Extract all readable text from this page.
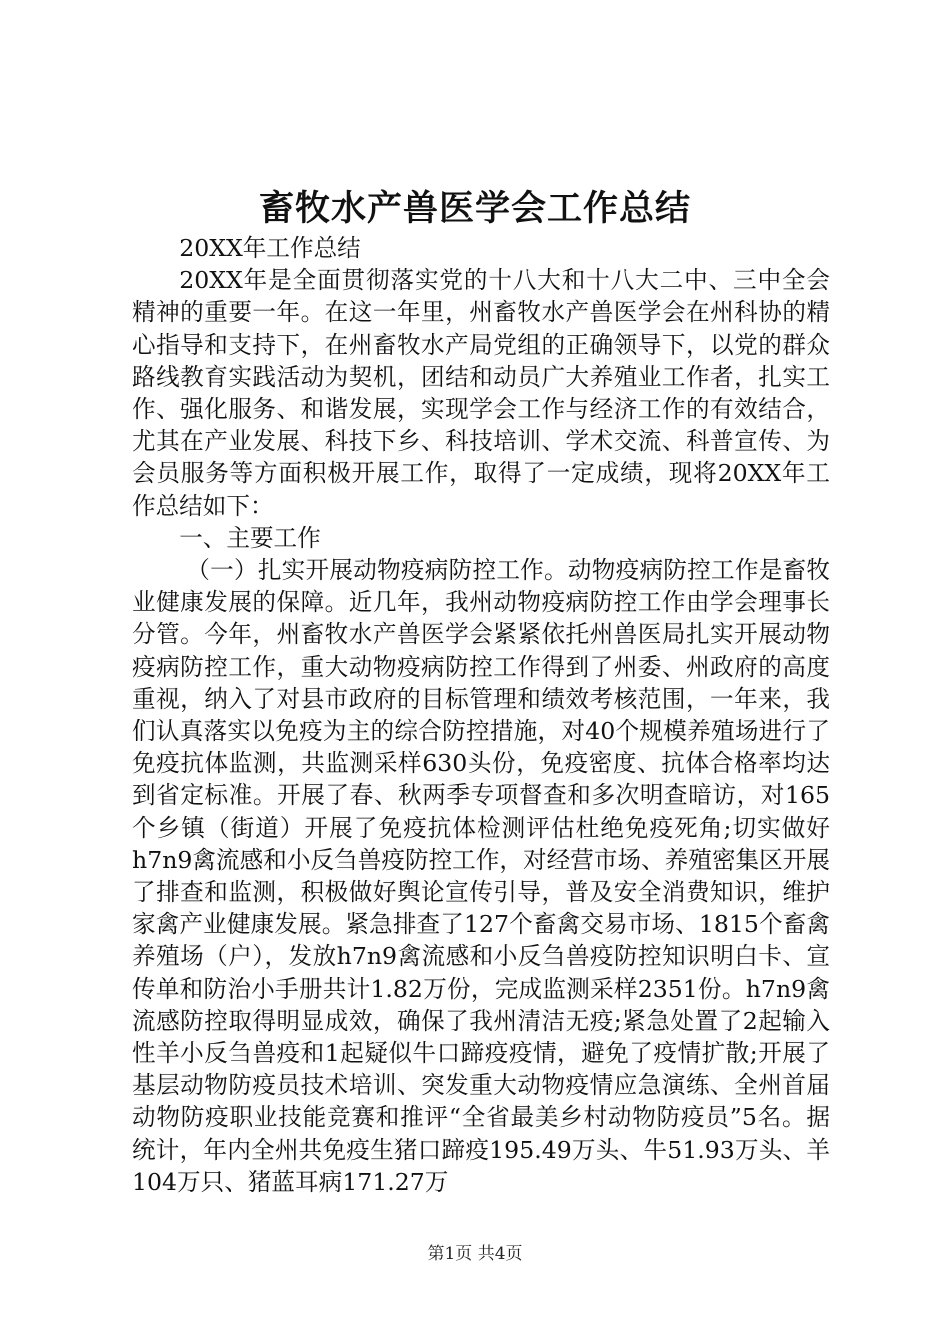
畜牧水产兽医学会工作总结

20XX年工作总结

20XX年是全面贯彻落实党的十八大和十八大二中、三中全会精神的重要一年。在这一年里，州畜牧水产兽医学会在州科协的精心指导和支持下，在州畜牧水产局党组的正确领导下，以党的群众路线教育实践活动为契机，团结和动员广大养殖业工作者，扎实工作、强化服务、和谐发展，实现学会工作与经济工作的有效结合，尤其在产业发展、科技下乡、科技培训、学术交流、科普宣传、为会员服务等方面积极开展工作，取得了一定成绩，现将20XX年工作总结如下：

一、主要工作

（一）扎实开展动物疫病防控工作。动物疫病防控工作是畜牧业健康发展的保障。近几年，我州动物疫病防控工作由学会理事长分管。今年，州畜牧水产兽医学会紧紧依托州兽医局扎实开展动物疫病防控工作，重大动物疫病防控工作得到了州委、州政府的高度重视，纳入了对县市政府的目标管理和绩效考核范围，一年来，我们认真落实以免疫为主的综合防控措施，对40个规模养殖场进行了免疫抗体监测，共监测采样630头份，免疫密度、抗体合格率均达到省定标准。开展了春、秋两季专项督查和多次明查暗访，对165个乡镇（街道）开展了免疫抗体检测评估杜绝免疫死角;切实做好h7n9禽流感和小反刍兽疫防控工作，对经营市场、养殖密集区开展了排查和监测，积极做好舆论宣传引导，普及安全消费知识，维护家禽产业健康发展。紧急排查了127个畜禽交易市场、1815个畜禽养殖场（户），发放h7n9禽流感和小反刍兽疫防控知识明白卡、宣传单和防治小手册共计1.82万份，完成监测采样2351份。h7n9禽流感防控取得明显成效，确保了我州清洁无疫;紧急处置了2起输入性羊小反刍兽疫和1起疑似牛口蹄疫疫情，避免了疫情扩散;开展了基层动物防疫员技术培训、突发重大动物疫情应急演练、全州首届动物防疫职业技能竞赛和推评“全省最美乡村动物防疫员”5名。据统计，年内全州共免疫生猪口蹄疫195.49万头、牛51.93万头、羊104万只、猪蓝耳病171.27万

第1页 共4页
